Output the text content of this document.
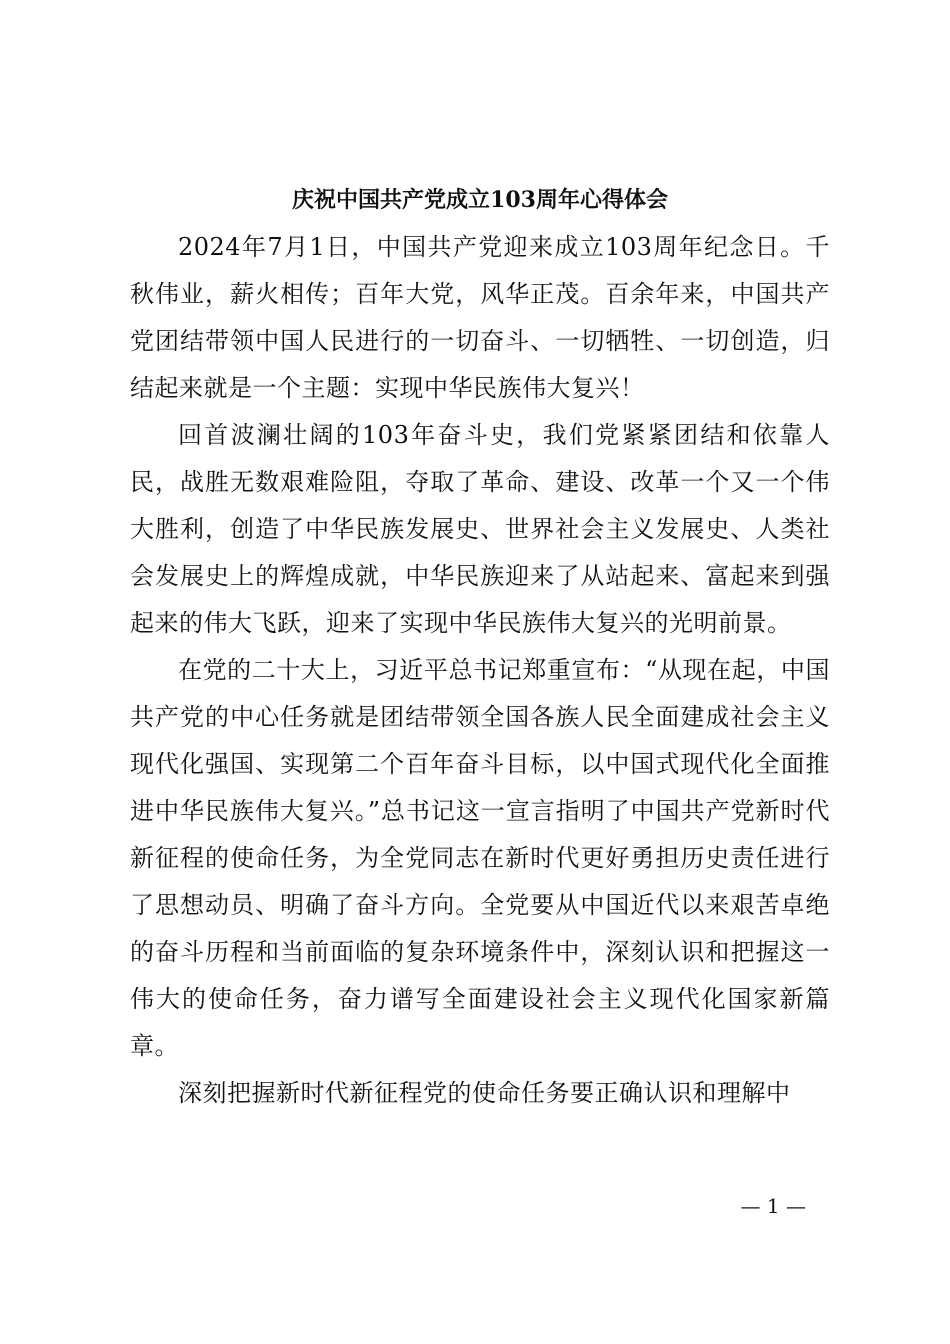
庆祝中国共产党成立103周年心得体会

2024年7月1日，中国共产党迎来成立103周年纪念日。千秋伟业，薪火相传；百年大党，风华正茂。百余年来，中国共产党团结带领中国人民进行的一切奋斗、一切牺牲、一切创造，归结起来就是一个主题：实现中华民族伟大复兴！

回首波澜壮阔的103年奋斗史，我们党紧紧团结和依靠人民，战胜无数艰难险阻，夺取了革命、建设、改革一个又一个伟大胜利，创造了中华民族发展史、世界社会主义发展史、人类社会发展史上的辉煌成就，中华民族迎来了从站起来、富起来到强起来的伟大飞跃，迎来了实现中华民族伟大复兴的光明前景。

在党的二十大上，习近平总书记郑重宣布：“从现在起，中国共产党的中心任务就是团结带领全国各族人民全面建成社会主义现代化强国、实现第二个百年奋斗目标，以中国式现代化全面推进中华民族伟大复兴。”总书记这一宣言指明了中国共产党新时代新征程的使命任务，为全党同志在新时代更好勇担历史责任进行了思想动员、明确了奋斗方向。全党要从中国近代以来艰苦卓绝的奋斗历程和当前面临的复杂环境条件中，深刻认识和把握这一伟大的使命任务，奋力谱写全面建设社会主义现代化国家新篇章。

深刻把握新时代新征程党的使命任务要正确认识和理解中

— 1 —
